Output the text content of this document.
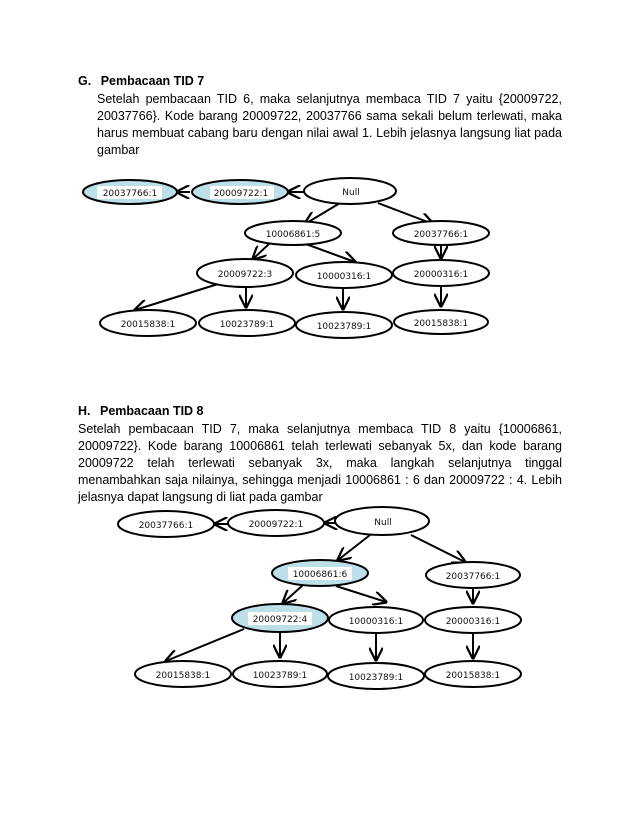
G. Pembacaan TID 7
Setelah pembacaan TID 6, maka selanjutnya membaca TID 7 yaitu {20009722,
20037766}. Kode barang 20009722, 20037766 sama sekali belum terlewati, maka
harus membuat cabang baru dengan nilai awal 1. Lebih jelasnya langsung liat pada
gambar
20037766:1	20009722:1	Null
10006861:5	20037766:1
20009722:3	10000316:1	20000316:1
20015838:1	10023789:1	10023789:1	20015838:1
H. Pembacaan TID 8
Setelah pembacaan TID 7, maka selanjutnya membaca TID 8 yaitu {10006861,
20009722}. Kode barang 10006861 telah terlewati sebanyak 5x, dan kode barang
20009722 telah terlewati sebanyak 3x, maka langkah selanjutnya tinggal
menambahkan saja nilainya, sehingga menjadi 10006861 : 6 dan 20009722 : 4. Lebih
jelasnya dapat langsung di liat pada gambar
20037766:1	20009722:1	Null
10006861:6	20037766:1
20009722:4	10000316:1	20000316:1
20015838:1	10023789:1	10023789:1	20015838:1
